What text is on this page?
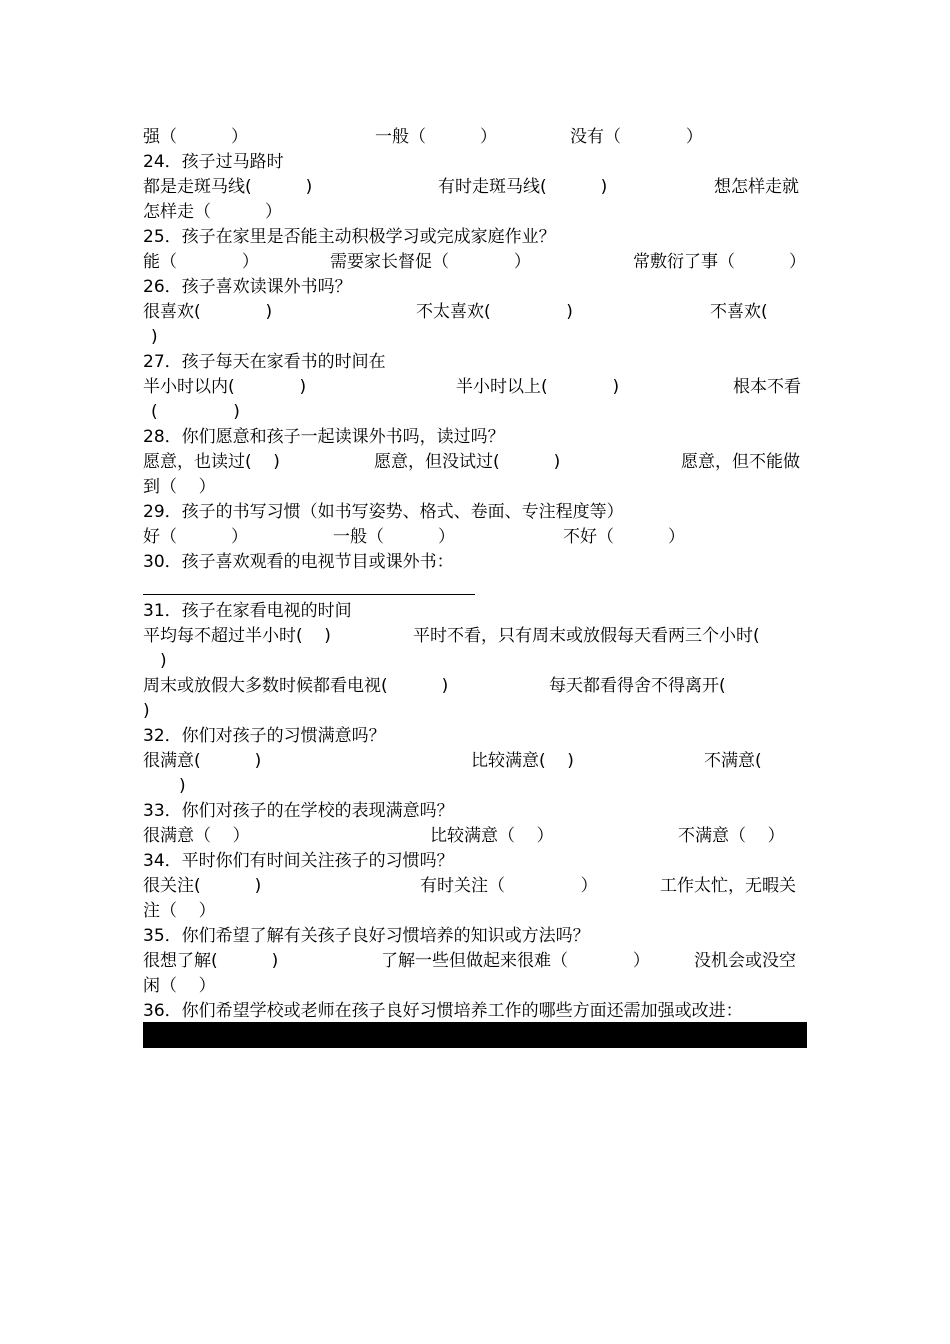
强（          ）

	一般（          ）

	没有（            ）

24．孩子过马路时

都是走斑马线(          )

	有时走斑马线(          )

	想怎样走就

怎样走（          ）
25．孩子在家里是否能主动积极学习或完成家庭作业？

能（            ）

	需要家长督促（            ）

	常敷衍了事（          ）

26．孩子喜欢读课外书吗？

很喜欢(            )

	不太喜欢(              )

	不喜欢(

)
27．孩子每天在家看书的时间在

半小时以内(            )

	半小时以上(            )

	根本不看

(              )
28．你们愿意和孩子一起读课外书吗，读过吗？

愿意，也读过(    )

	愿意，但没试过(          )

	愿意，但不能做

到（    ）
29．孩子的书写习惯（如书写姿势、格式、卷面、专注程度等）

好（          ）

	一般（          ）

	不好（          ）

30．孩子喜欢观看的电视节目或课外书：
31．孩子在家看电视的时间

平均每不超过半小时(    )

	平时不看，只有周末或放假每天看两三个小时(

)

周末或放假大多数时候都看电视(          )

	每天都看得舍不得离开(

)
32．你们对孩子的习惯满意吗？

很满意(          )

	比较满意(    )

	不满意(

)
33．你们对孩子的在学校的表现满意吗？

很满意（    ）

	比较满意（    ）

	不满意（    ）

34．平时你们有时间关注孩子的习惯吗？

很关注(          )

	有时关注（              ）

	工作太忙，无暇关

注（    ）
35．你们希望了解有关孩子良好习惯培养的知识或方法吗？

很想了解(          )

	了解一些但做起来很难（            ）

	没机会或没空

闲（    ）
36．你们希望学校或老师在孩子良好习惯培养工作的哪些方面还需加强或改进：
